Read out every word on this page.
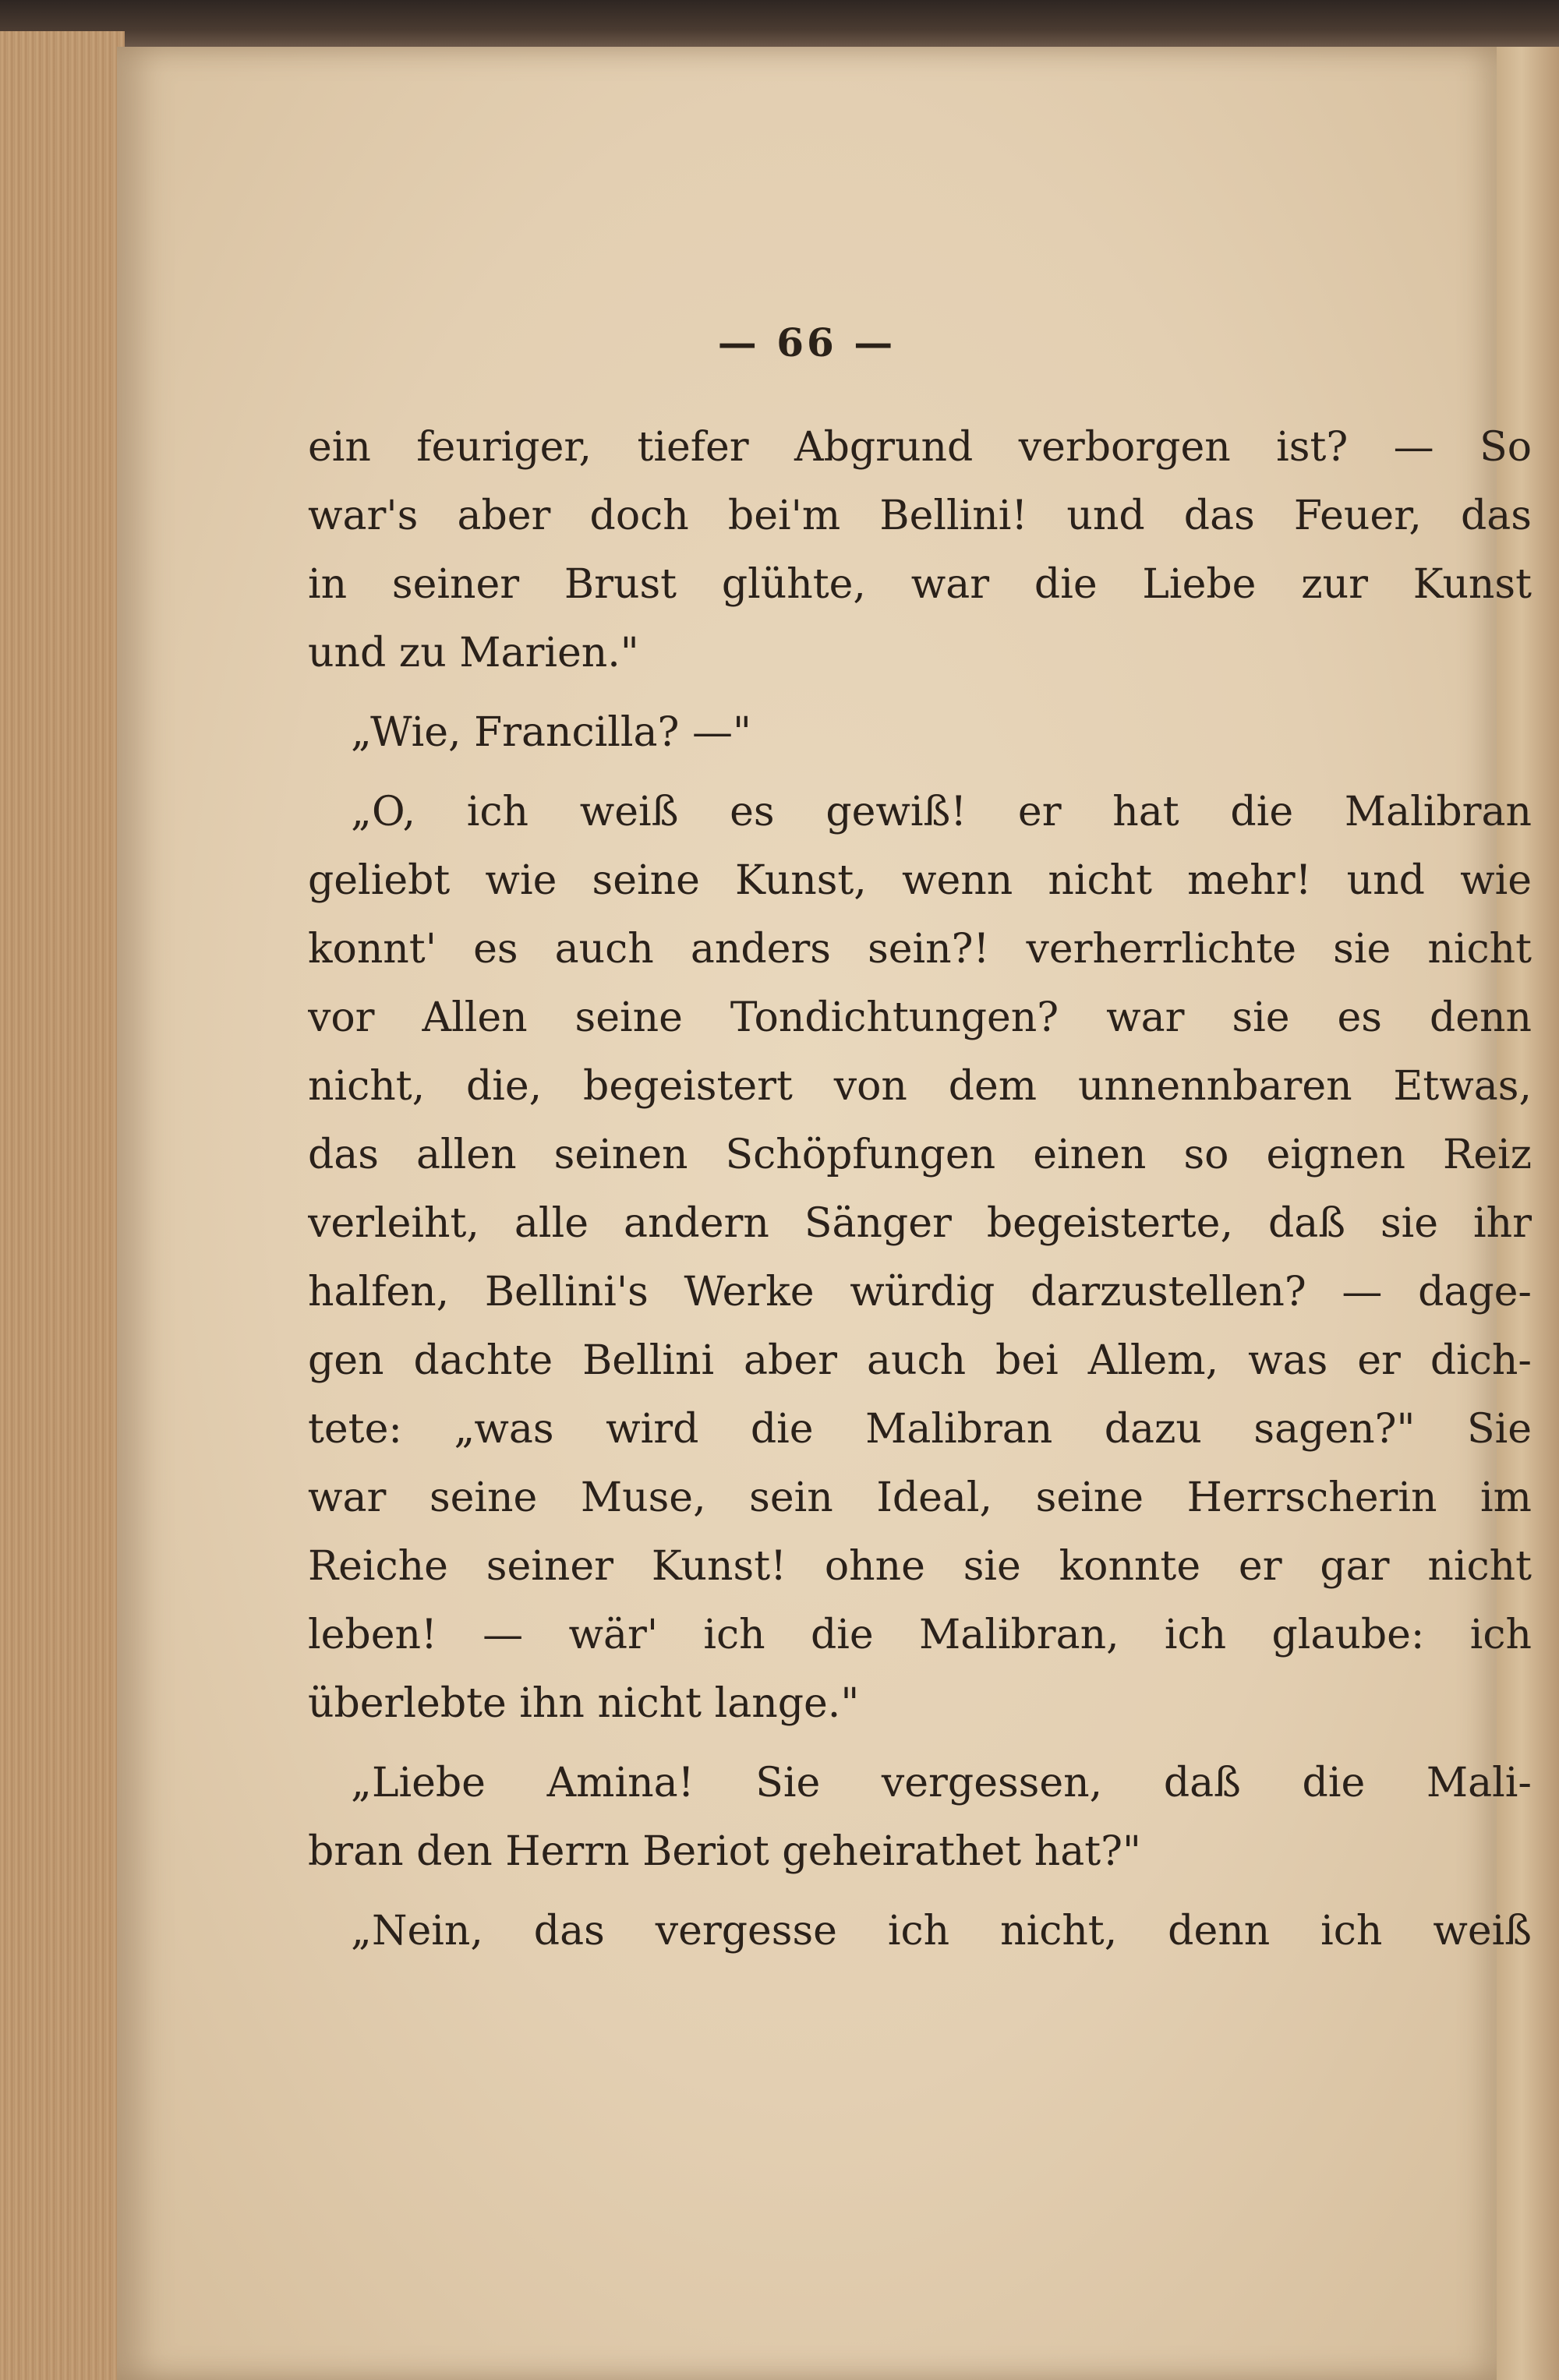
— 66 —
ein feuriger, tiefer Abgrund verborgen ist? — So
war's aber doch bei'm Bellini! und das Feuer, das
in seiner Brust glühte, war die Liebe zur Kunst
und zu Marien."
„Wie, Francilla? —"
„O, ich weiß es gewiß! er hat die Malibran
geliebt wie seine Kunst, wenn nicht mehr! und wie
konnt' es auch anders sein?! verherrlichte sie nicht
vor Allen seine Tondichtungen? war sie es denn
nicht, die, begeistert von dem unnennbaren Etwas,
das allen seinen Schöpfungen einen so eignen Reiz
verleiht, alle andern Sänger begeisterte, daß sie ihr
halfen, Bellini's Werke würdig darzustellen? — dage-
gen dachte Bellini aber auch bei Allem, was er dich-
tete: „was wird die Malibran dazu sagen?" Sie
war seine Muse, sein Ideal, seine Herrscherin im
Reiche seiner Kunst! ohne sie konnte er gar nicht
leben! — wär' ich die Malibran, ich glaube: ich
überlebte ihn nicht lange."
„Liebe Amina! Sie vergessen, daß die Mali-
bran den Herrn Beriot geheirathet hat?"
„Nein, das vergesse ich nicht, denn ich weiß
